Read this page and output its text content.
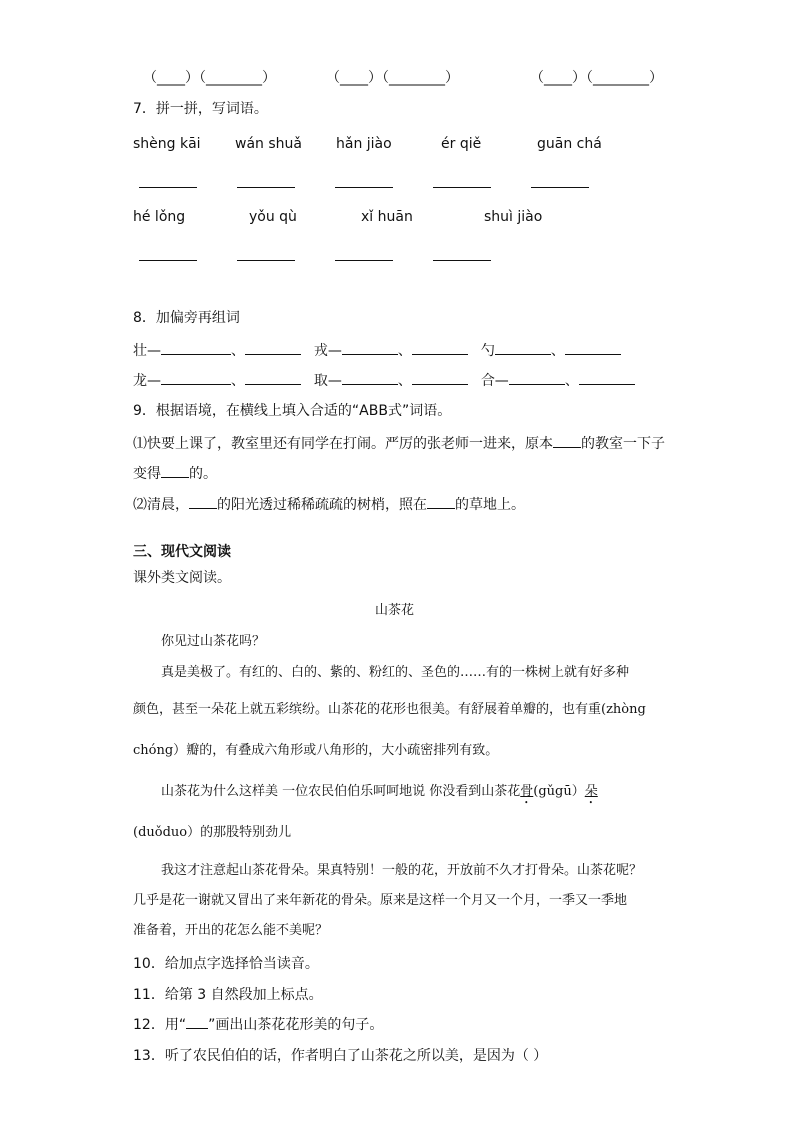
（____）（________）	（____）（________）	（____）（________）
7．拼一拼，写词语。
shèng kāi wán shuǎ hǎn jiào	ér qiě	guān chá
hé lǒng	yǒu qù	xǐ huān	shuì jiào
8．加偏旁再组词
壮—	、	戎—	、	勺	、
龙—	、	取—	、	合—	、
9．根据语境，在横线上填入合适的“ABB式”词语。
⑴快要上课了，教室里还有同学在打闹。严厉的张老师一进来，原本 的教室一下子
变得 的。
⑵清晨， 的阳光透过稀稀疏疏的树梢，照在 的草地上。
三、现代文阅读
课外类文阅读。
山茶花
你见过山茶花吗？
真是美极了。有红的、白的、紫的、粉红的、圣色的……有的一株树上就有好多种
颜色，甚至一朵花上就五彩缤纷。山茶花的花形也很美。有舒展着单瓣的，也有重(zhòng
chóng）瓣的，有叠成六角形或八角形的，大小疏密排列有致。
山茶花为什么这样美 一位农民伯伯乐呵呵地说 你没看到山茶花骨(gǔgū）朵
(duǒduo）的那股特别劲儿
我这才注意起山茶花骨朵。果真特别！一般的花，开放前不久才打骨朵。山茶花呢？
几乎是花一谢就又冒出了来年新花的骨朵。原来是这样一个月又一个月，一季又一季地
准备着，开出的花怎么能不美呢？
10．给加点字选择恰当读音。
11．给第 3 自然段加上标点。
12．用“ ”画出山茶花花形美的句子。
13．听了农民伯伯的话，作者明白了山茶花之所以美，是因为（ ）
